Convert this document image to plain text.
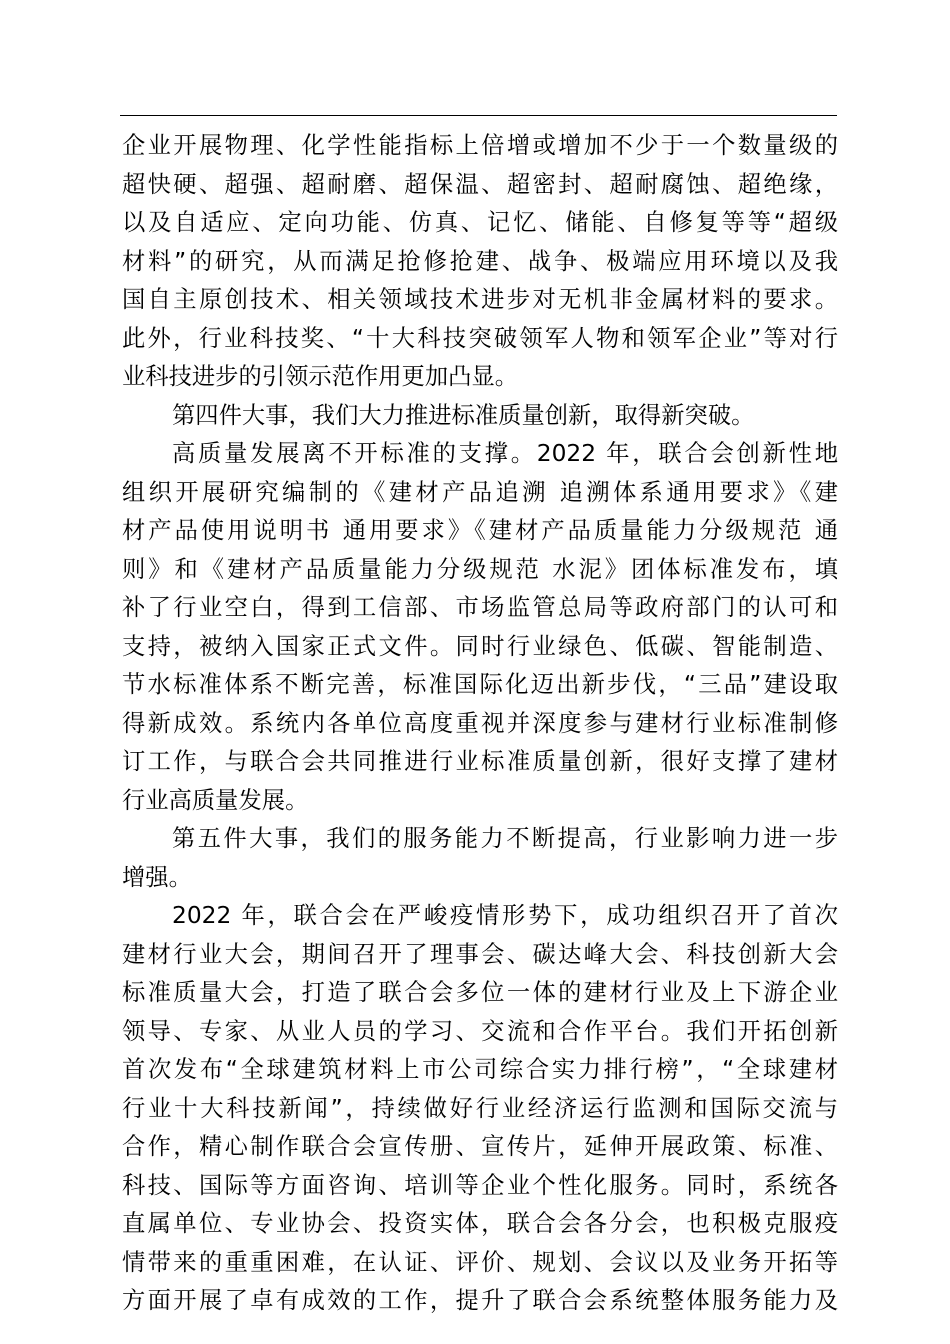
企业开展物理、化学性能指标上倍增或增加不少于一个数量级的
超快硬、超强、超耐磨、超保温、超密封、超耐腐蚀、超绝缘，
以及自适应、定向功能、仿真、记忆、储能、自修复等等“超级
材料”的研究，从而满足抢修抢建、战争、极端应用环境以及我
国自主原创技术、相关领域技术进步对无机非金属材料的要求。
此外，行业科技奖、“十大科技突破领军人物和领军企业”等对行
业科技进步的引领示范作用更加凸显。
第四件大事，我们大力推进标准质量创新，取得新突破。
高质量发展离不开标准的支撑。2022 年，联合会创新性地
组织开展研究编制的《建材产品追溯 追溯体系通用要求》《建
材产品使用说明书 通用要求》《建材产品质量能力分级规范 通
则》和《建材产品质量能力分级规范 水泥》团体标准发布，填
补了行业空白，得到工信部、市场监管总局等政府部门的认可和
支持，被纳入国家正式文件。同时行业绿色、低碳、智能制造、
节水标准体系不断完善，标准国际化迈出新步伐，“三品”建设取
得新成效。系统内各单位高度重视并深度参与建材行业标准制修
订工作，与联合会共同推进行业标准质量创新，很好支撑了建材
行业高质量发展。
第五件大事，我们的服务能力不断提高，行业影响力进一步
增强。
2022 年，联合会在严峻疫情形势下，成功组织召开了首次
建材行业大会，期间召开了理事会、碳达峰大会、科技创新大会
标准质量大会，打造了联合会多位一体的建材行业及上下游企业
领导、专家、从业人员的学习、交流和合作平台。我们开拓创新
首次发布“全球建筑材料上市公司综合实力排行榜”，“全球建材
行业十大科技新闻”，持续做好行业经济运行监测和国际交流与
合作，精心制作联合会宣传册、宣传片，延伸开展政策、标准、
科技、国际等方面咨询、培训等企业个性化服务。同时，系统各
直属单位、专业协会、投资实体，联合会各分会，也积极克服疫
情带来的重重困难，在认证、评价、规划、会议以及业务开拓等
方面开展了卓有成效的工作，提升了联合会系统整体服务能力及
